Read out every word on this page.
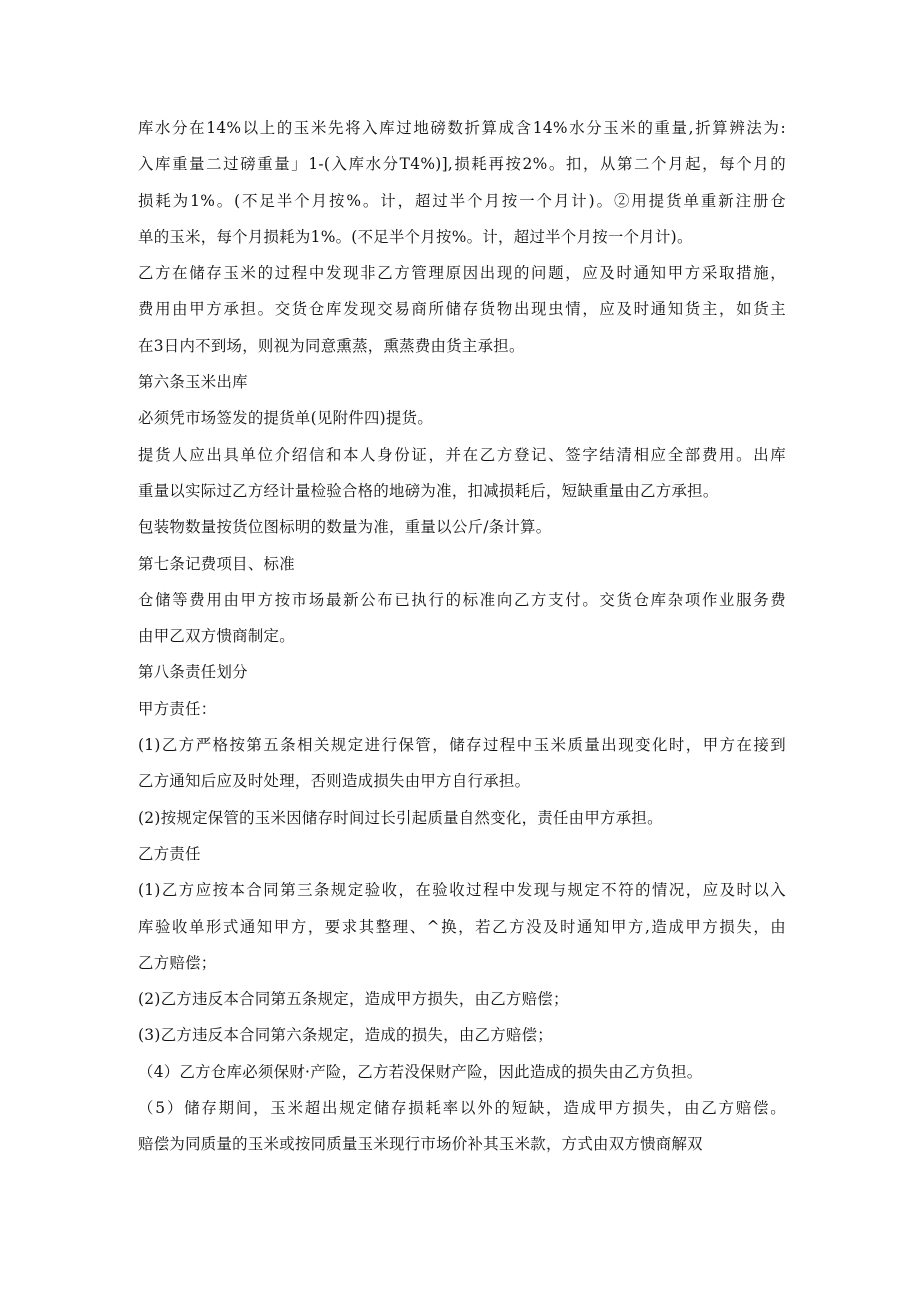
库水分在14%以上的玉米先将入库过地磅数折算成含14%水分玉米的重量,折算辨法为:
入库重量二过磅重量」1-(入库水分T4%)],损耗再按2%。扣，从第二个月起，每个月的
损耗为1%。(不足半个月按%。计，超过半个月按一个月计)。②用提货单重新注册仓
单的玉米，每个月损耗为1%。(不足半个月按%。计，超过半个月按一个月计)。
乙方在储存玉米的过程中发现非乙方管理原因出现的问题，应及时通知甲方采取措施，
费用由甲方承担。交货仓库发现交易商所储存货物出现虫情，应及时通知货主，如货主
在3日内不到场，则视为同意熏蒸，熏蒸费由货主承担。
第六条玉米出库
必须凭市场签发的提货单(见附件四)提货。
提货人应出具单位介绍信和本人身份证，并在乙方登记、签字结清相应全部费用。出库
重量以实际过乙方经计量检验合格的地磅为准，扣减损耗后，短缺重量由乙方承担。
包装物数量按货位图标明的数量为准，重量以公斤/条计算。
第七条记费项目、标准
仓储等费用由甲方按市场最新公布已执行的标准向乙方支付。交货仓库杂项作业服务费
由甲乙双方愦商制定。
第八条责任划分
甲方责任：
(1)乙方严格按第五条相关规定进行保管，储存过程中玉米质量出现变化时，甲方在接到
乙方通知后应及时处理，否则造成损失由甲方自行承担。
(2)按规定保管的玉米因储存时间过长引起质量自然变化，责任由甲方承担。
乙方责任
(1)乙方应按本合同第三条规定验收，在验收过程中发现与规定不符的情况，应及时以入
库验收单形式通知甲方，要求其整理、^换，若乙方没及时通知甲方,造成甲方损失，由
乙方赔偿；
(2)乙方违反本合同第五条规定，造成甲方损失，由乙方赔偿；
(3)乙方违反本合同第六条规定，造成的损失，由乙方赔偿；
（4）乙方仓库必须保财·产险，乙方若没保财产险，因此造成的损失由乙方负担。
（5）储存期间，玉米超出规定储存损耗率以外的短缺，造成甲方损失，由乙方赔偿。
赔偿为同质量的玉米或按同质量玉米现行市场价补其玉米款，方式由双方愦商解双
